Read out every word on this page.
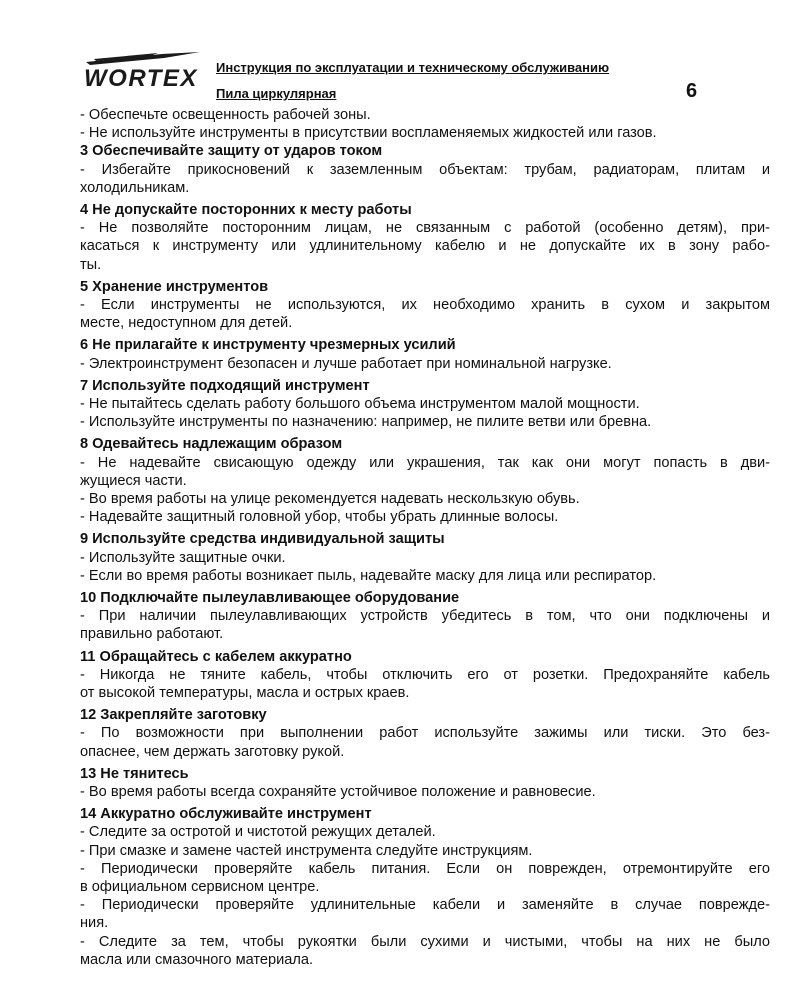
WORTEX Инструкция по эксплуатации и техническому обслуживанию
Пила циркулярная	6
- Обеспечьте освещенность рабочей зоны.
- Не используйте инструменты в присутствии воспламеняемых жидкостей или газов.
3 Обеспечивайте защиту от ударов током
- Избегайте прикосновений к заземленным объектам: трубам, радиаторам, плитам и
холодильникам.
4 Не допускайте посторонних к месту работы
- Не позволяйте посторонним лицам, не связанным с работой (особенно детям), при-
касаться к инструменту или удлинительному кабелю и не допускайте их в зону рабо-
ты.
5 Хранение инструментов
- Если инструменты не используются, их необходимо хранить в сухом и закрытом
месте, недоступном для детей.
6 Не прилагайте к инструменту чрезмерных усилий
- Электроинструмент безопасен и лучше работает при номинальной нагрузке.
7 Используйте подходящий инструмент
- Не пытайтесь сделать работу большого объема инструментом малой мощности.
- Используйте инструменты по назначению: например, не пилите ветви или бревна.
8 Одевайтесь надлежащим образом
- Не надевайте свисающую одежду или украшения, так как они могут попасть в дви-
жущиеся части.
- Во время работы на улице рекомендуется надевать нескользкую обувь.
- Надевайте защитный головной убор, чтобы убрать длинные волосы.
9 Используйте средства индивидуальной защиты
- Используйте защитные очки.
- Если во время работы возникает пыль, надевайте маску для лица или респиратор.
10 Подключайте пылеулавливающее оборудование
- При наличии пылеулавливающих устройств убедитесь в том, что они подключены и
правильно работают.
11 Обращайтесь с кабелем аккуратно
- Никогда не тяните кабель, чтобы отключить его от розетки. Предохраняйте кабель
от высокой температуры, масла и острых краев.
12 Закрепляйте заготовку
- По возможности при выполнении работ используйте зажимы или тиски. Это без-
опаснее, чем держать заготовку рукой.
13 Не тянитесь
- Во время работы всегда сохраняйте устойчивое положение и равновесие.
14 Аккуратно обслуживайте инструмент
- Следите за остротой и чистотой режущих деталей.
- При смазке и замене частей инструмента следуйте инструкциям.
- Периодически проверяйте кабель питания. Если он поврежден, отремонтируйте его
в официальном сервисном центре.
- Периодически проверяйте удлинительные кабели и заменяйте в случае поврежде-
ния.
- Следите за тем, чтобы рукоятки были сухими и чистыми, чтобы на них не было
масла или смазочного материала.
